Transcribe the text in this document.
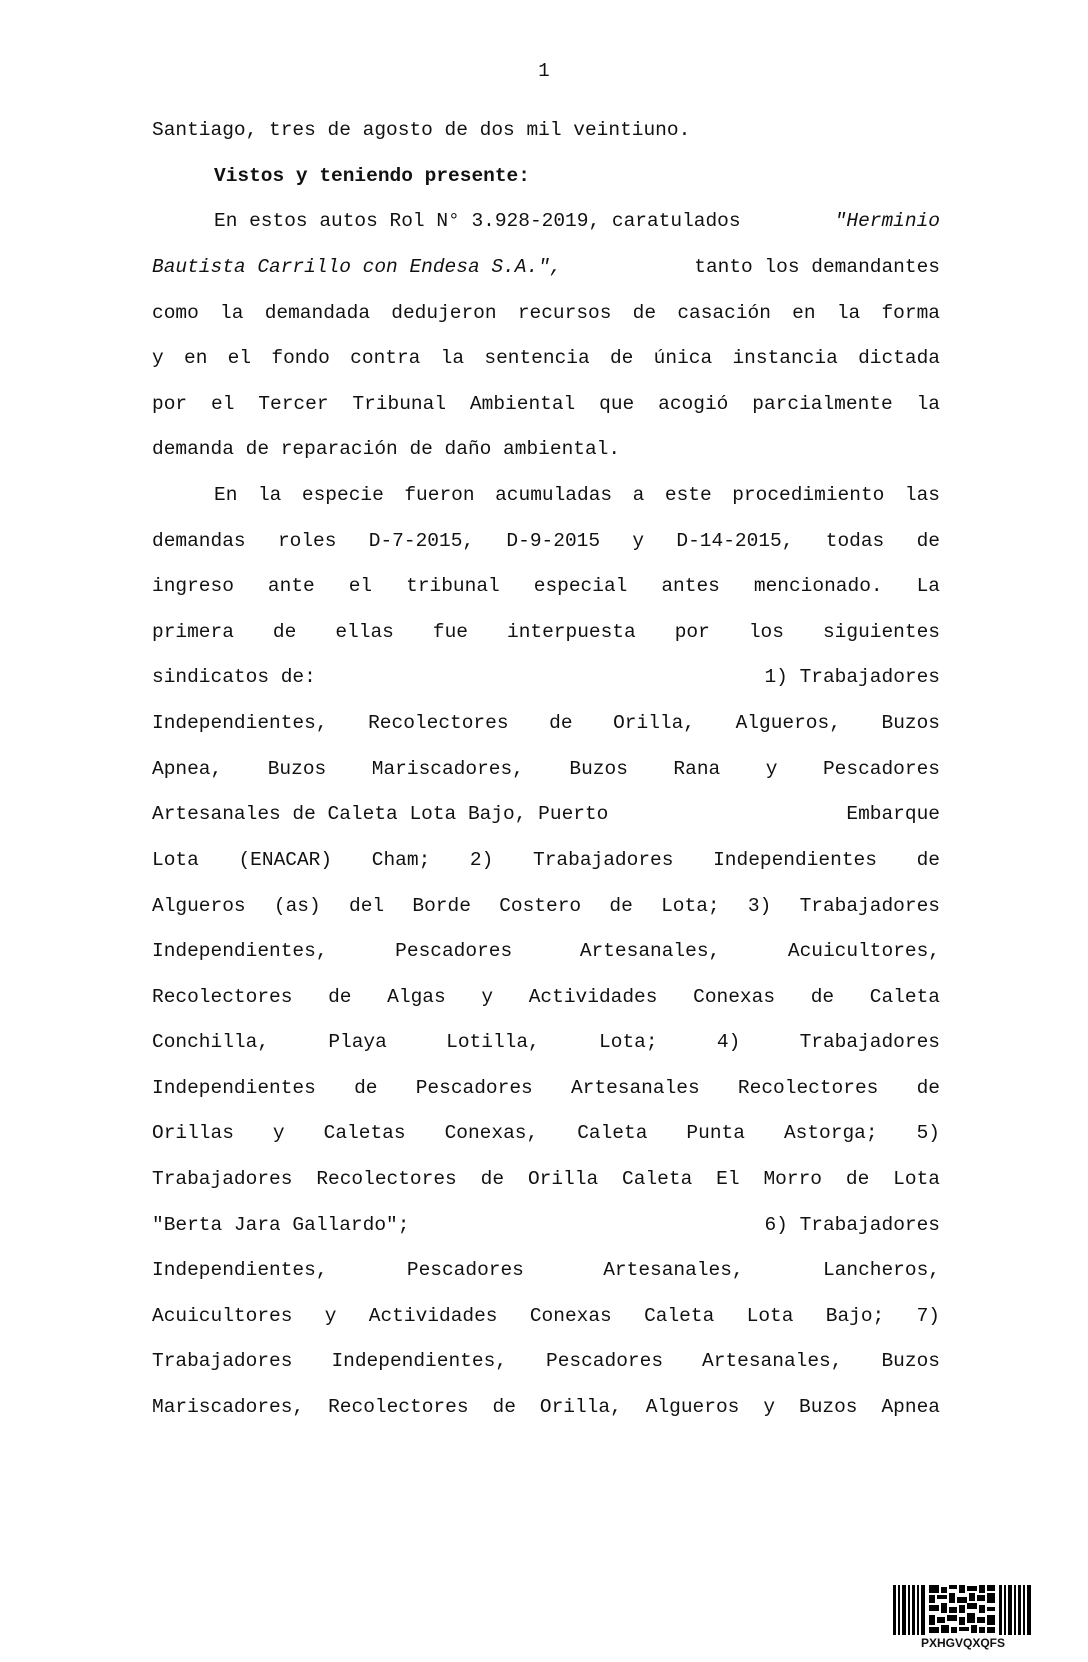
1
Santiago, tres de agosto de dos mil veintiuno.
Vistos y teniendo presente:
En estos autos Rol N° 3.928-2019, caratulados	"Herminio
Bautista Carrillo con Endesa S.A.",	tanto los demandantes
como la demandada dedujeron recursos de casación en la forma
y en el fondo contra la sentencia de única instancia dictada
por el Tercer Tribunal Ambiental que acogió parcialmente la
demanda de reparación de daño ambiental.
En la especie fueron acumuladas a este procedimiento las
demandas roles D-7-2015, D-9-2015 y D-14-2015, todas de
ingreso ante el tribunal especial antes mencionado. La
primera de ellas fue interpuesta por los siguientes
sindicatos de:	1) Trabajadores
Independientes, Recolectores de Orilla, Algueros, Buzos
Apnea, Buzos Mariscadores, Buzos Rana y Pescadores
Artesanales de Caleta Lota Bajo, Puerto	Embarque
Lota (ENACAR) Cham; 2) Trabajadores Independientes de
Algueros (as) del Borde Costero de Lota; 3) Trabajadores
Independientes, Pescadores Artesanales, Acuicultores,
Recolectores de Algas y Actividades Conexas de Caleta
Conchilla, Playa Lotilla, Lota; 4) Trabajadores
Independientes de Pescadores Artesanales Recolectores de
Orillas y Caletas Conexas, Caleta Punta Astorga; 5)
Trabajadores Recolectores de Orilla Caleta El Morro de Lota
"Berta Jara Gallardo";	6) Trabajadores
Independientes, Pescadores Artesanales, Lancheros,
Acuicultores y Actividades Conexas Caleta Lota Bajo; 7)
Trabajadores Independientes, Pescadores Artesanales, Buzos
Mariscadores, Recolectores de Orilla, Algueros y Buzos Apnea
PXHGVQXQFS
